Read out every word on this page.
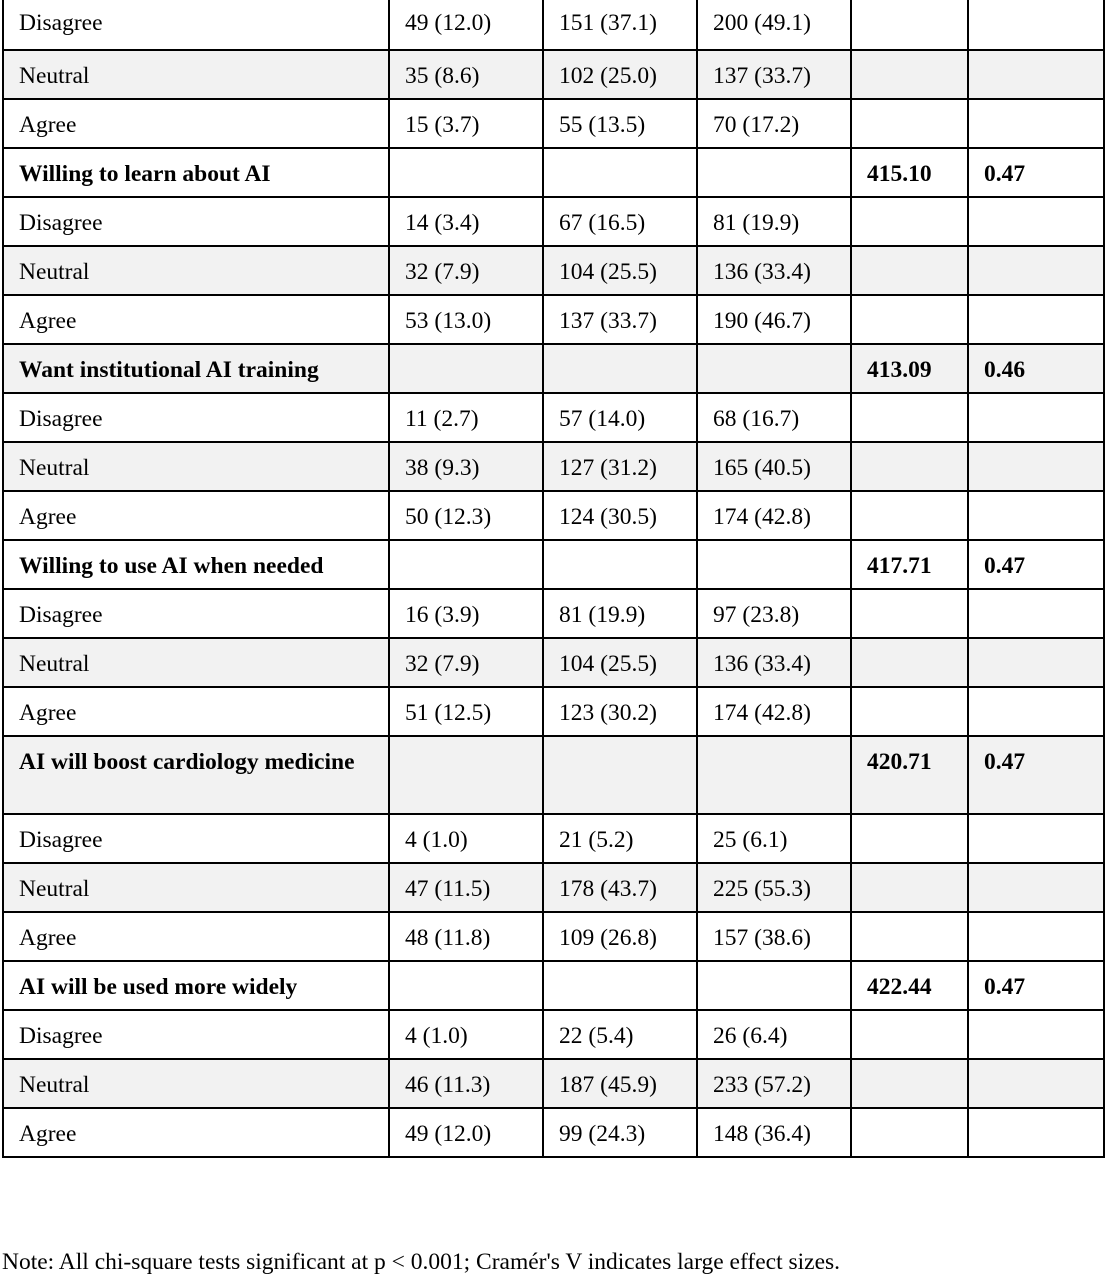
Disagree	49 (12.0)	151 (37.1)	200 (49.1)		
Neutral	35 (8.6)	102 (25.0)	137 (33.7)		
Agree	15 (3.7)	55 (13.5)	70 (17.2)		
Willing to learn about AI				415.10	0.47
Disagree	14 (3.4)	67 (16.5)	81 (19.9)		
Neutral	32 (7.9)	104 (25.5)	136 (33.4)		
Agree	53 (13.0)	137 (33.7)	190 (46.7)		
Want institutional AI training				413.09	0.46
Disagree	11 (2.7)	57 (14.0)	68 (16.7)		
Neutral	38 (9.3)	127 (31.2)	165 (40.5)		
Agree	50 (12.3)	124 (30.5)	174 (42.8)		
Willing to use AI when needed				417.71	0.47
Disagree	16 (3.9)	81 (19.9)	97 (23.8)		
Neutral	32 (7.9)	104 (25.5)	136 (33.4)		
Agree	51 (12.5)	123 (30.2)	174 (42.8)		
AI will boost cardiology medicine				420.71	0.47
Disagree	4 (1.0)	21 (5.2)	25 (6.1)		
Neutral	47 (11.5)	178 (43.7)	225 (55.3)		
Agree	48 (11.8)	109 (26.8)	157 (38.6)		
AI will be used more widely				422.44	0.47
Disagree	4 (1.0)	22 (5.4)	26 (6.4)		
Neutral	46 (11.3)	187 (45.9)	233 (57.2)		
Agree	49 (12.0)	99 (24.3)	148 (36.4)		
Note: All chi-square tests significant at p < 0.001; Cramér's V indicates large effect sizes.
